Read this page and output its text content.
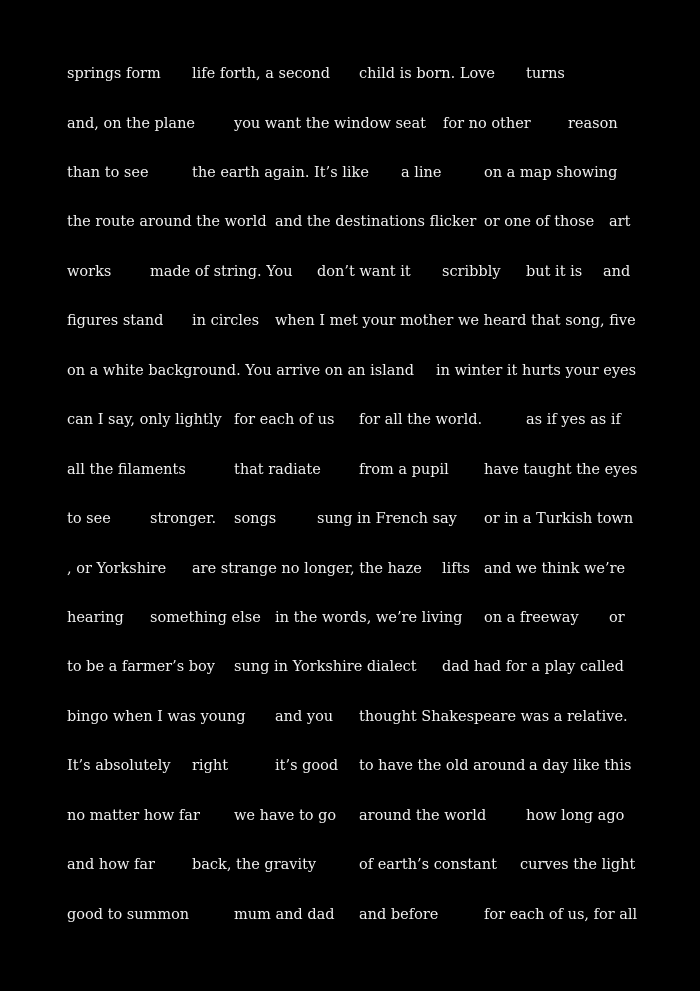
springs form life forth, a second child is born. Love turns
and, on the plane	you want the window seat for no other	reason
than to see	the earth again. It’s like a line	on a map showing
the route around the world and the destinations flicker or one of those art
works	made of string. You don’t want it scribbly but it is and
figures stand in circles when I met your mother we heard that song, five
on a white background. You arrive on an island in winter it hurts your eyes
can I say, only lightly for each of us for all the world.	as if yes as if
all the filaments	that radiate	from a pupil have taught the eyes
to see	stronger. songs	sung in French say or in a Turkish town
, or Yorkshire are strange no longer, the haze lifts and we think we’re
hearing something else in the words, we’re living on a freeway or
to be a farmer’s boy sung in Yorkshire dialect dad had for a play called
bingo when I was young and you thought Shakespeare was a relative.
It’s absolutely right	it’s good to have the old around a day like this
no matter how far we have to go around the world	how long ago
and how far	back, the gravity	of earth’s constant curves the light
good to summon	mum and dad and before	for each of us, for all
